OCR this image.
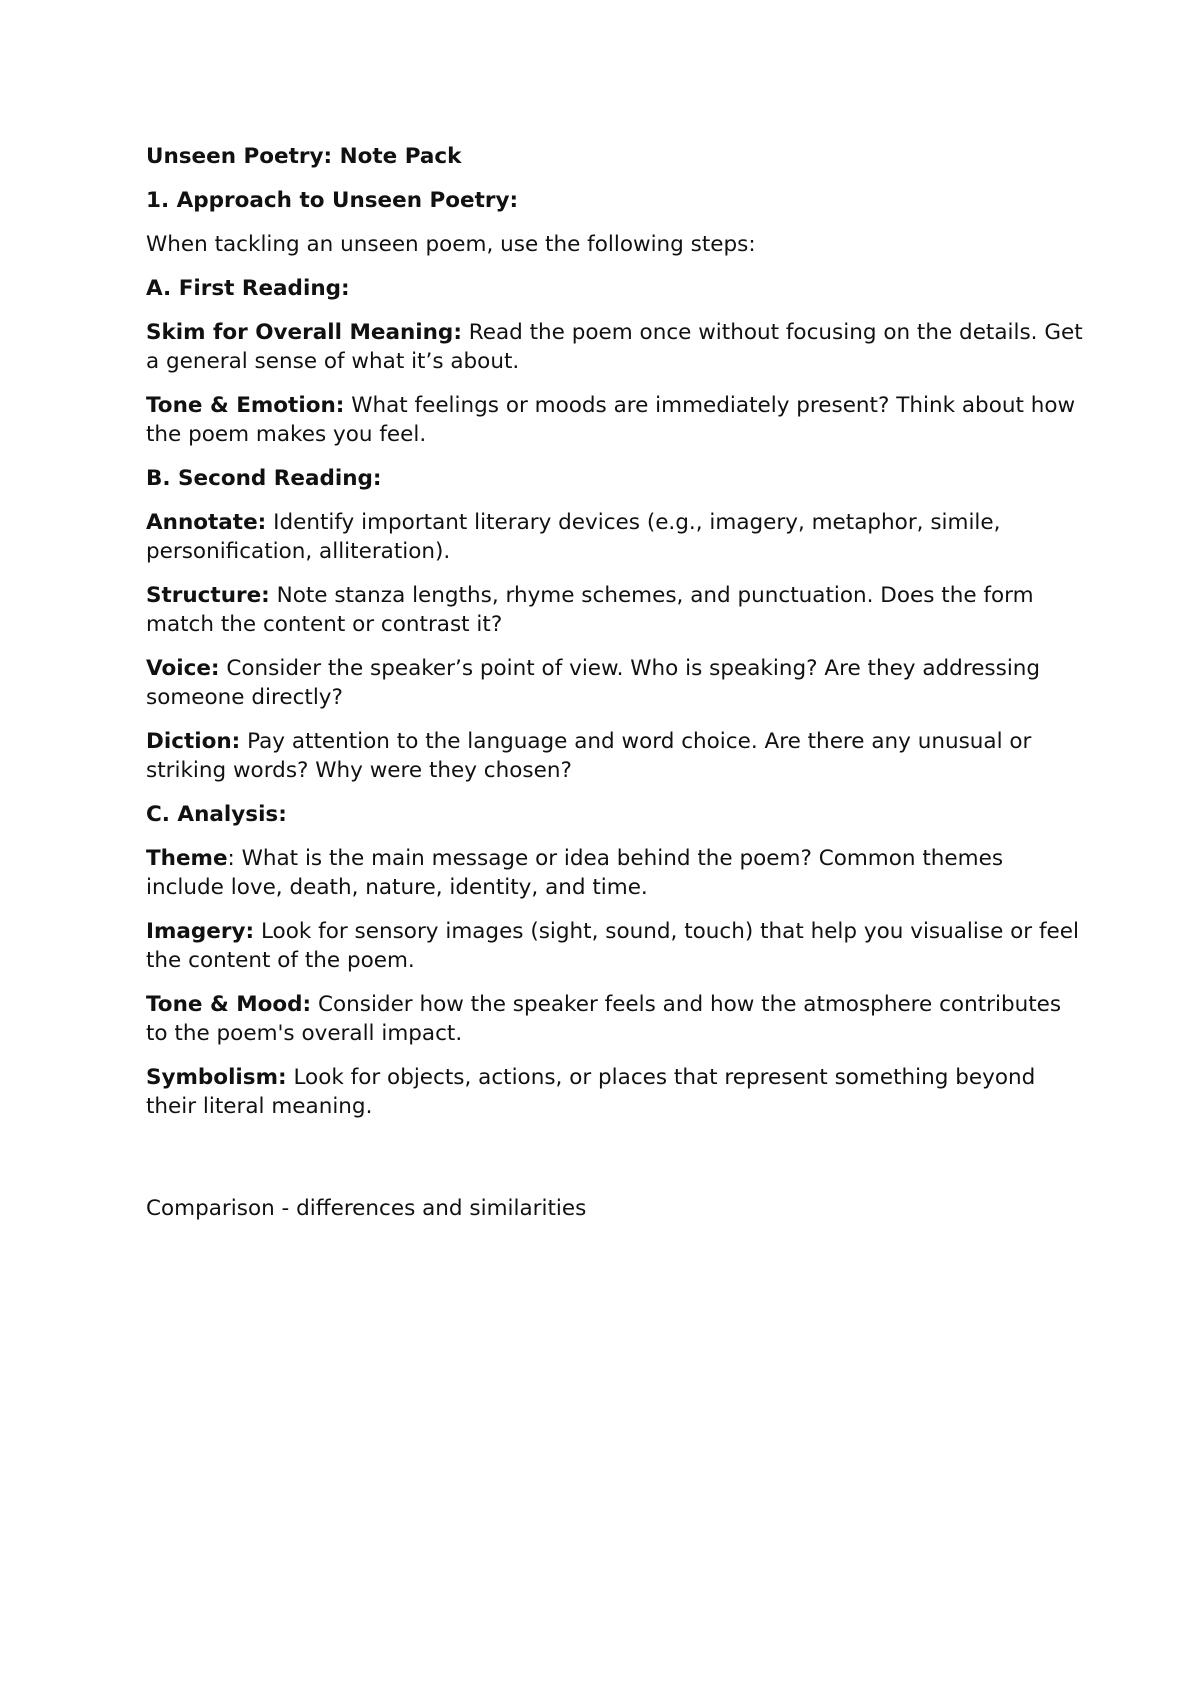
Unseen Poetry: Note Pack

1. Approach to Unseen Poetry:

When tackling an unseen poem, use the following steps:

A. First Reading:

Skim for Overall Meaning: Read the poem once without focusing on the details. Get a general sense of what it’s about.

Tone & Emotion: What feelings or moods are immediately present? Think about how the poem makes you feel.

B. Second Reading:

Annotate: Identify important literary devices (e.g., imagery, metaphor, simile, personification, alliteration).

Structure: Note stanza lengths, rhyme schemes, and punctuation. Does the form match the content or contrast it?

Voice: Consider the speaker’s point of view. Who is speaking? Are they addressing someone directly?

Diction: Pay attention to the language and word choice. Are there any unusual or striking words? Why were they chosen?

C. Analysis:

Theme: What is the main message or idea behind the poem? Common themes include love, death, nature, identity, and time.

Imagery: Look for sensory images (sight, sound, touch) that help you visualise or feel the content of the poem.

Tone & Mood: Consider how the speaker feels and how the atmosphere contributes to the poem's overall impact.

Symbolism: Look for objects, actions, or places that represent something beyond their literal meaning.

Comparison - differences and similarities
